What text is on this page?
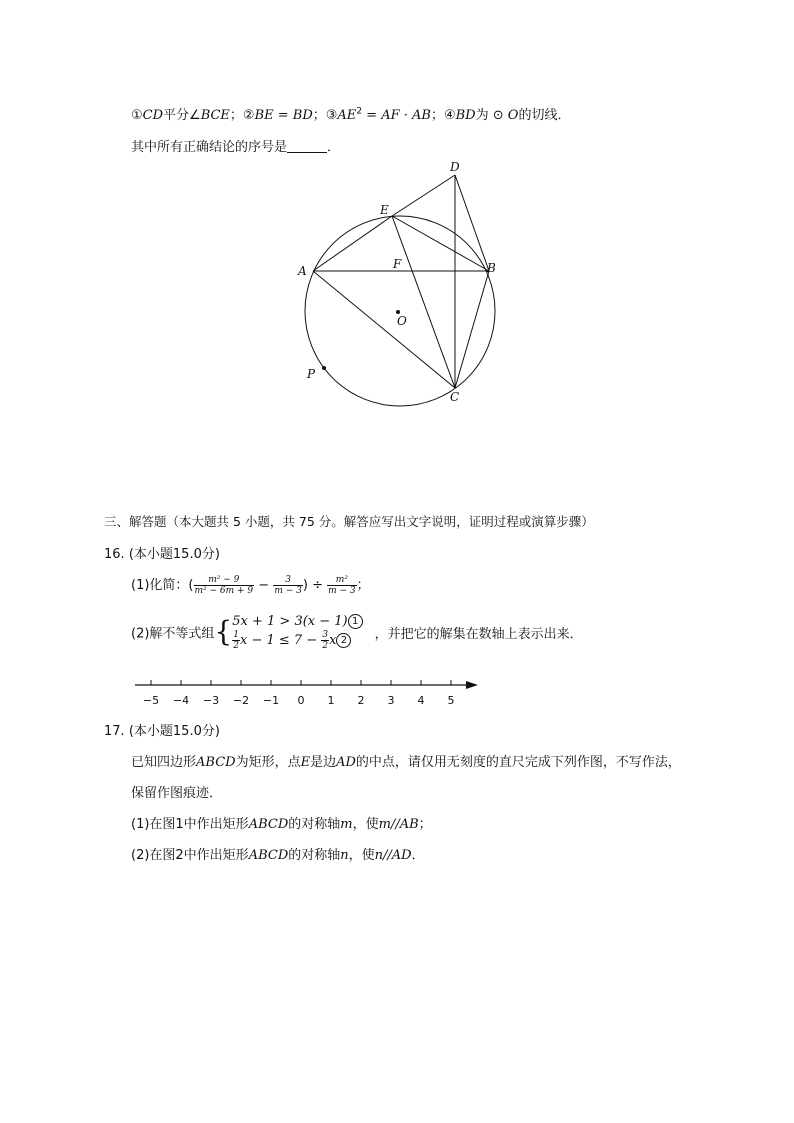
①CD平分∠BCE；②BE = BD；$③AE^2$ = AF · AB；④BD为 ⊙ O的切线．
其中所有正确结论的序号是	．
D
E
A	B
F
O
P
C
三、解答题（本大题共 5 小题，共 75 分。解答应写出文字说明，证明过程或演算步骤）
16. (本小题15.0分)
(1)化简：( $\frac{\text{m² − 9}}{\text{m² − 6m + 9}} - \frac{3}{m - 3}$ ) ÷ $\frac{\text{m²}}{m - 3}$ ；
(2)解不等式组{ 5x + 1 > 3(x − 1) 1
$\frac{1}{2}$ $x - 1 \le 7 - \frac{3}{2}$ x 2	，并把它的解集在数轴上表示出来．
−5 −4 −3 −2 −1 0 1 2 3 4 5
17. (本小题15.0分)
已知四边形ABCD为矩形，点E是边AD的中点，请仅用无刻度的直尺完成下列作图，不写作法，
保留作图痕迹．
(1)在图1中作出矩形ABCD的对称轴m，使m//AB；
(2)在图2中作出矩形ABCD的对称轴n，使n//AD．
